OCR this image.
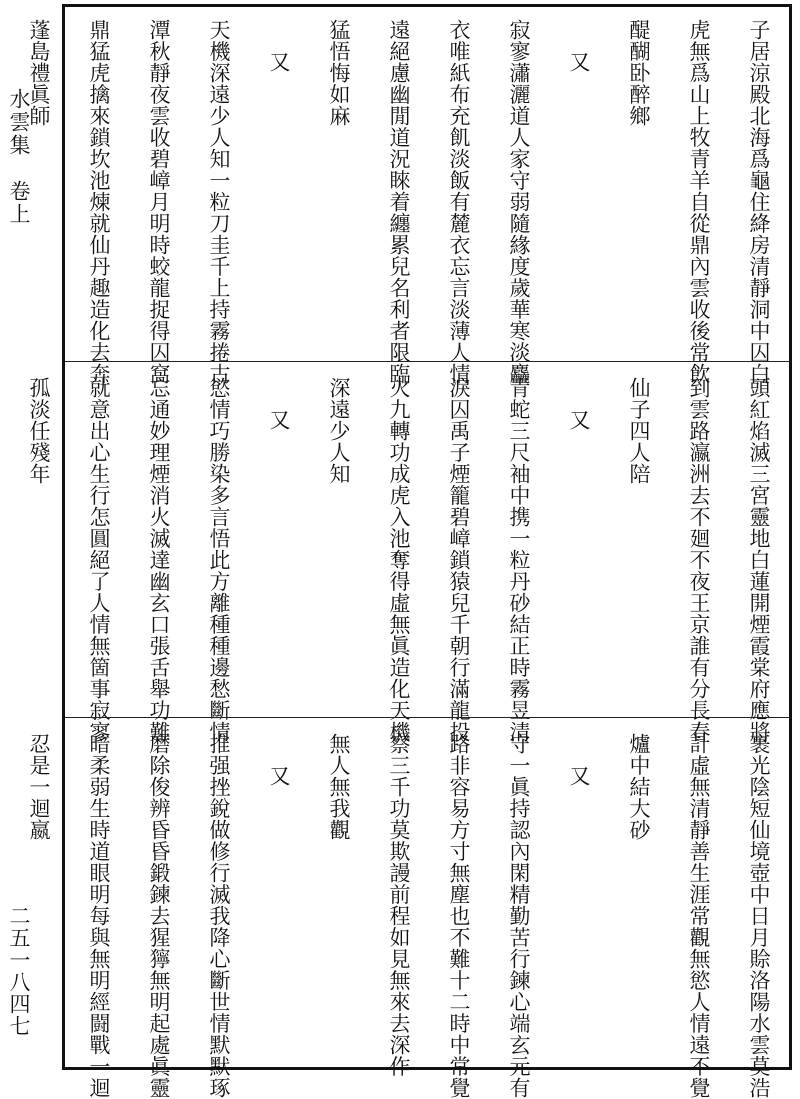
水雲集　卷上
二五一八四七
子居涼殿北海爲龜住絳房清靜洞中囚白
虎無爲山上牧青羊自從鼎內雲收後常飲
醍醐卧醉鄉
又
寂寥瀟灑道人家守弱隨緣度歲華寒淡麤
衣唯紙布充飢淡飯有麓衣忘言淡薄人情
遠絕慮幽閒道況睞着纏累兒名利者限臨
猛悟悔如麻
又
天機深遠少人知一粒刀圭千上持霧捲古
潭秋靜夜雲收碧嶂月明時蛟龍捉得囚窩
鼎猛虎擒來鎖坎池煉就仙丹趣造化去奔
蓬島禮眞師
頭紅焰滅三宮靈地白蓮開煙霞棠府應將
到雲路瀛洲去不廻不夜王京誰有分長春
仙子四人陪
又
青蛇三尺袖中携一粒丹砂結正時霧昱清
淚囚禹子煙籠碧嶂鎖猿兒千朝行滿龍投
火九轉功成虎入池奪得虛無眞造化天機
深遠少人知
又
慾情巧勝染多言悟此方離種種邊愁斷情
忘通妙理煙消火滅達幽玄口張舌舉功難
就意出心生行怎圓絕了人情無箇事寂寥
孤淡任殘年
裹光陰短仙境壺中日月賒洛陽水雲莫浩
計虛無清靜善生涯常觀無慾人情遠不覺
爐中結大砂
又
守一眞持認內閑精勤苦行鍊心端玄元有
路非容易方寸無塵也不難十二時中常覺
察三千功莫欺謾前程如見無來去深作
無人無我觀
又
推强挫銳做修行滅我降心斷世情默默琢
磨除俊辨昏昏鍛鍊去猩獰無明起處眞靈
暗柔弱生時道眼明每與無明經闘戰一迴
忍是一迴嬴
